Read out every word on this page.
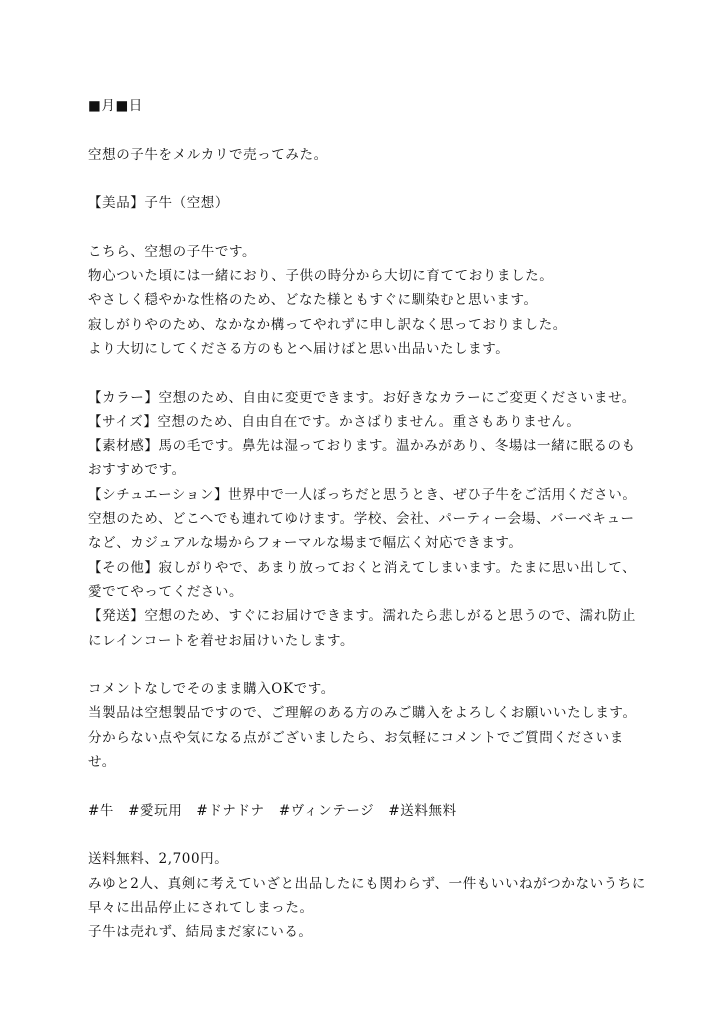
■月■日
空想の子牛をメルカリで売ってみた。
【美品】子牛（空想）
こちら、空想の子牛です。
物心ついた頃には一緒におり、子供の時分から大切に育てておりました。
やさしく穏やかな性格のため、どなた様ともすぐに馴染むと思います。
寂しがりやのため、なかなか構ってやれずに申し訳なく思っておりました。
より大切にしてくださる方のもとへ届けばと思い出品いたします。
【カラー】空想のため、自由に変更できます。お好きなカラーにご変更くださいませ。
【サイズ】空想のため、自由自在です。かさばりません。重さもありません。
【素材感】馬の毛です。鼻先は湿っております。温かみがあり、冬場は一緒に眠るのも
おすすめです。
【シチュエーション】世界中で一人ぼっちだと思うとき、ぜひ子牛をご活用ください。
空想のため、どこへでも連れてゆけます。学校、会社、パーティー会場、バーベキュー
など、カジュアルな場からフォーマルな場まで幅広く対応できます。
【その他】寂しがりやで、あまり放っておくと消えてしまいます。たまに思い出して、
愛でてやってください。
【発送】空想のため、すぐにお届けできます。濡れたら悲しがると思うので、濡れ防止
にレインコートを着せお届けいたします。
コメントなしでそのまま購入OKです。
当製品は空想製品ですので、ご理解のある方のみご購入をよろしくお願いいたします。
分からない点や気になる点がございましたら、お気軽にコメントでご質問くださいま
せ。
#牛　#愛玩用　#ドナドナ　#ヴィンテージ　#送料無料
送料無料、2,700円。
みゆと2人、真剣に考えていざと出品したにも関わらず、一件もいいねがつかないうちに
早々に出品停止にされてしまった。
子牛は売れず、結局まだ家にいる。
